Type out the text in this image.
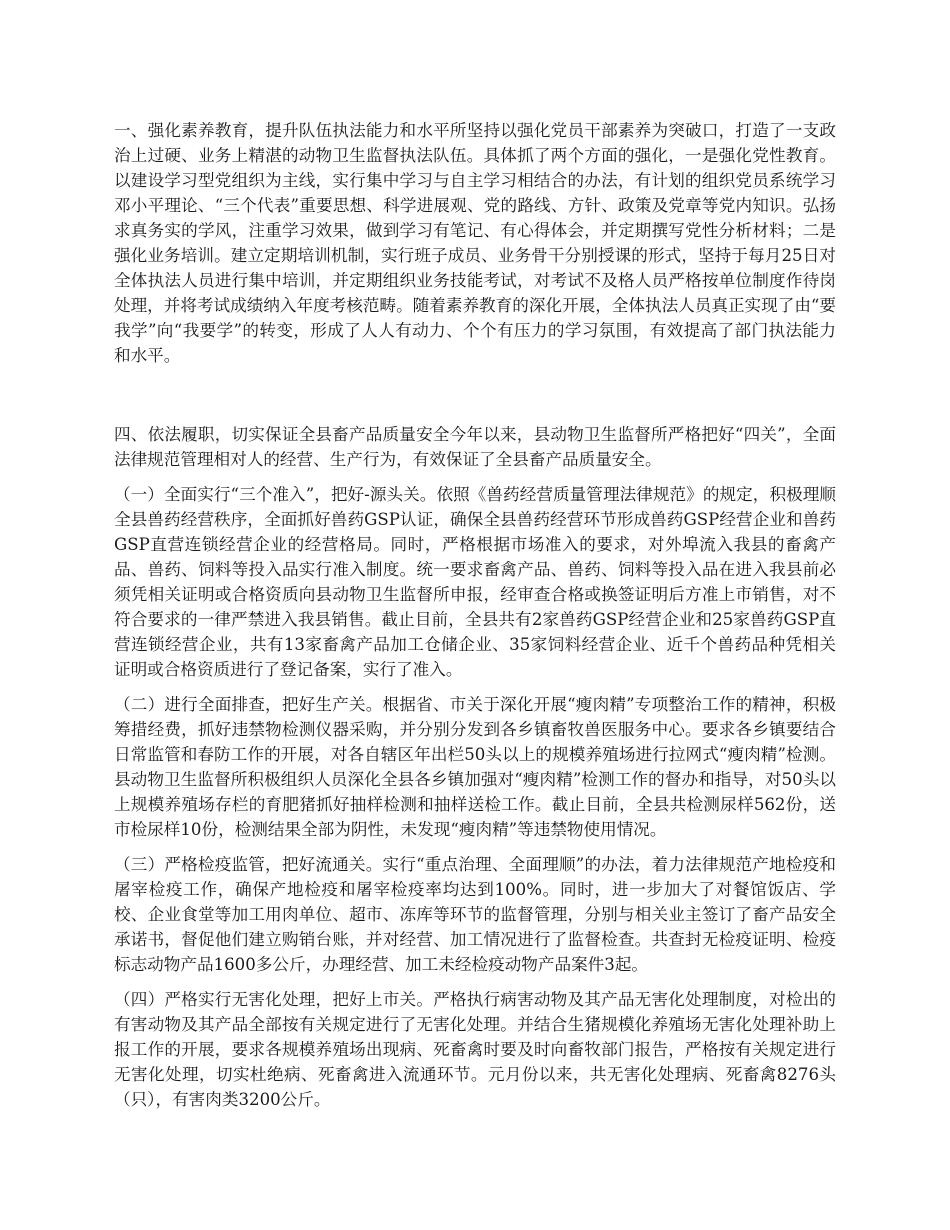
一、强化素养教育，提升队伍执法能力和水平所坚持以强化党员干部素养为突破口，打造了一支政治上过硬、业务上精湛的动物卫生监督执法队伍。具体抓了两个方面的强化，一是强化党性教育。以建设学习型党组织为主线，实行集中学习与自主学习相结合的办法，有计划的组织党员系统学习邓小平理论、“三个代表”重要思想、科学进展观、党的路线、方针、政策及党章等党内知识。弘扬求真务实的学风，注重学习效果，做到学习有笔记、有心得体会，并定期撰写党性分析材料；二是强化业务培训。建立定期培训机制，实行班子成员、业务骨干分别授课的形式，坚持于每月25日对全体执法人员进行集中培训，并定期组织业务技能考试，对考试不及格人员严格按单位制度作待岗处理，并将考试成绩纳入年度考核范畴。随着素养教育的深化开展，全体执法人员真正实现了由“要我学”向“我要学”的转变，形成了人人有动力、个个有压力的学习氛围，有效提高了部门执法能力和水平。

四、依法履职，切实保证全县畜产品质量安全今年以来，县动物卫生监督所严格把好“四关”，全面法律规范管理相对人的经营、生产行为，有效保证了全县畜产品质量安全。

（一）全面实行“三个准入”，把好-源头关。依照《兽药经营质量管理法律规范》的规定，积极理顺全县兽药经营秩序，全面抓好兽药GSP认证，确保全县兽药经营环节形成兽药GSP经营企业和兽药GSP直营连锁经营企业的经营格局。同时，严格根据市场准入的要求，对外埠流入我县的畜禽产品、兽药、饲料等投入品实行准入制度。统一要求畜禽产品、兽药、饲料等投入品在进入我县前必须凭相关证明或合格资质向县动物卫生监督所申报，经审查合格或换签证明后方准上市销售，对不符合要求的一律严禁进入我县销售。截止目前，全县共有2家兽药GSP经营企业和25家兽药GSP直营连锁经营企业，共有13家畜禽产品加工仓储企业、35家饲料经营企业、近千个兽药品种凭相关证明或合格资质进行了登记备案，实行了准入。

（二）进行全面排查，把好生产关。根据省、市关于深化开展“瘦肉精”专项整治工作的精神，积极筹措经费，抓好违禁物检测仪器采购，并分别分发到各乡镇畜牧兽医服务中心。要求各乡镇要结合日常监管和春防工作的开展，对各自辖区年出栏50头以上的规模养殖场进行拉网式“瘦肉精”检测。县动物卫生监督所积极组织人员深化全县各乡镇加强对“瘦肉精”检测工作的督办和指导，对50头以上规模养殖场存栏的育肥猪抓好抽样检测和抽样送检工作。截止目前，全县共检测尿样562份，送市检尿样10份，检测结果全部为阴性，未发现“瘦肉精”等违禁物使用情况。

（三）严格检疫监管，把好流通关。实行“重点治理、全面理顺”的办法，着力法律规范产地检疫和屠宰检疫工作，确保产地检疫和屠宰检疫率均达到100%。同时，进一步加大了对餐馆饭店、学校、企业食堂等加工用肉单位、超市、冻库等环节的监督管理，分别与相关业主签订了畜产品安全承诺书，督促他们建立购销台账，并对经营、加工情况进行了监督检查。共查封无检疫证明、检疫标志动物产品1600多公斤，办理经营、加工未经检疫动物产品案件3起。

（四）严格实行无害化处理，把好上市关。严格执行病害动物及其产品无害化处理制度，对检出的有害动物及其产品全部按有关规定进行了无害化处理。并结合生猪规模化养殖场无害化处理补助上报工作的开展，要求各规模养殖场出现病、死畜禽时要及时向畜牧部门报告，严格按有关规定进行无害化处理，切实杜绝病、死畜禽进入流通环节。元月份以来，共无害化处理病、死畜禽8276头（只），有害肉类3200公斤。
